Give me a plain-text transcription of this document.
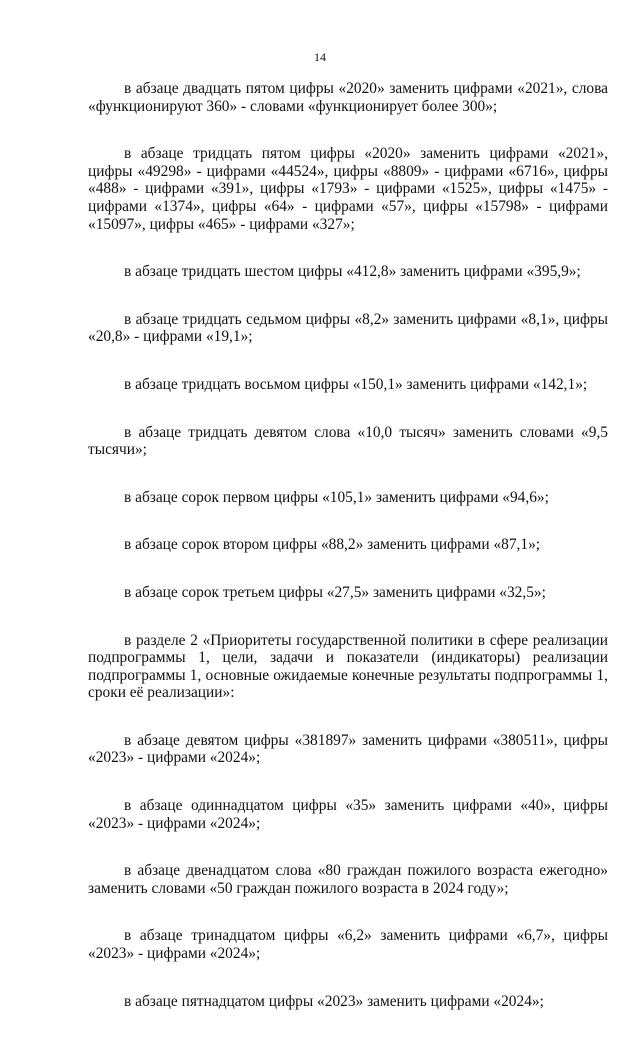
14

в абзаце двадцать пятом цифры «2020» заменить цифрами «2021», слова «функционируют 360» - словами «функционирует более 300»;

в абзаце тридцать пятом цифры «2020» заменить цифрами «2021», цифры «49298» - цифрами «44524», цифры «8809» - цифрами «6716», цифры «488» - цифрами «391», цифры «1793» - цифрами «1525», цифры «1475» - цифрами «1374», цифры «64» - цифрами «57», цифры «15798» - цифрами «15097», цифры «465» - цифрами «327»;

в абзаце тридцать шестом цифры «412,8» заменить цифрами «395,9»;

в абзаце тридцать седьмом цифры «8,2» заменить цифрами «8,1», цифры «20,8» - цифрами «19,1»;

в абзаце тридцать восьмом цифры «150,1» заменить цифрами «142,1»;

в абзаце тридцать девятом слова «10,0 тысяч» заменить словами «9,5 тысячи»;

в абзаце сорок первом цифры «105,1» заменить цифрами «94,6»;

в абзаце сорок втором цифры «88,2» заменить цифрами «87,1»;

в абзаце сорок третьем цифры «27,5» заменить цифрами «32,5»;

в разделе 2 «Приоритеты государственной политики в сфере реализации подпрограммы 1, цели, задачи и показатели (индикаторы) реализации подпрограммы 1, основные ожидаемые конечные результаты подпрограммы 1, сроки её реализации»:

в абзаце девятом цифры «381897» заменить цифрами «380511», цифры «2023» - цифрами «2024»;

в абзаце одиннадцатом цифры «35» заменить цифрами «40», цифры «2023» - цифрами «2024»;

в абзаце двенадцатом слова «80 граждан пожилого возраста ежегодно» заменить словами «50 граждан пожилого возраста в 2024 году»;

в абзаце тринадцатом цифры «6,2» заменить цифрами «6,7», цифры «2023» - цифрами «2024»;

в абзаце пятнадцатом цифры «2023» заменить цифрами «2024»;
